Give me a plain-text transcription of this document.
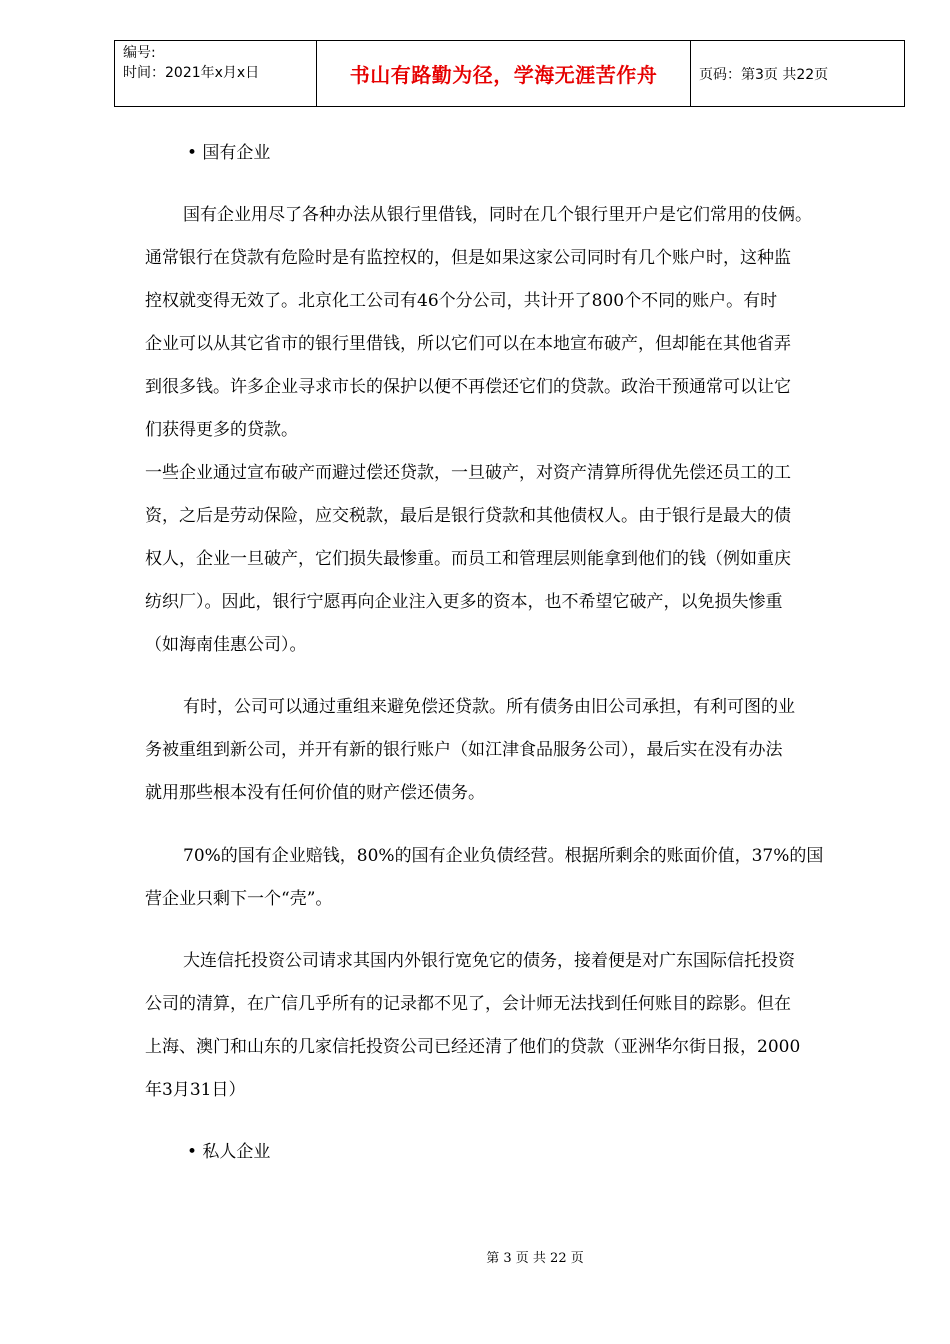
编号:
时间：2021年x月x日	书山有路勤为径，学海无涯苦作舟	页码：第3页 共22页
• 国有企业
国有企业用尽了各种办法从银行里借钱，同时在几个银行里开户是它们常用的伎俩。
通常银行在贷款有危险时是有监控权的，但是如果这家公司同时有几个账户时，这种监
控权就变得无效了。北京化工公司有46个分公司，共计开了800个不同的账户。有时
企业可以从其它省市的银行里借钱，所以它们可以在本地宣布破产，但却能在其他省弄
到很多钱。许多企业寻求市长的保护以便不再偿还它们的贷款。政治干预通常可以让它
们获得更多的贷款。
一些企业通过宣布破产而避过偿还贷款，一旦破产，对资产清算所得优先偿还员工的工
资，之后是劳动保险，应交税款，最后是银行贷款和其他债权人。由于银行是最大的债
权人，企业一旦破产，它们损失最惨重。而员工和管理层则能拿到他们的钱（例如重庆
纺织厂）。因此，银行宁愿再向企业注入更多的资本，也不希望它破产，以免损失惨重
（如海南佳惠公司）。
有时，公司可以通过重组来避免偿还贷款。所有债务由旧公司承担，有利可图的业
务被重组到新公司，并开有新的银行账户（如江津食品服务公司），最后实在没有办法
就用那些根本没有任何价值的财产偿还债务。
70%的国有企业赔钱，80%的国有企业负债经营。根据所剩余的账面价值，37%的国
营企业只剩下一个“壳”。
大连信托投资公司请求其国内外银行宽免它的债务，接着便是对广东国际信托投资
公司的清算，在广信几乎所有的记录都不见了，会计师无法找到任何账目的踪影。但在
上海、澳门和山东的几家信托投资公司已经还清了他们的贷款（亚洲华尔街日报，2000
年3月31日）
• 私人企业
第 3 页 共 22 页
